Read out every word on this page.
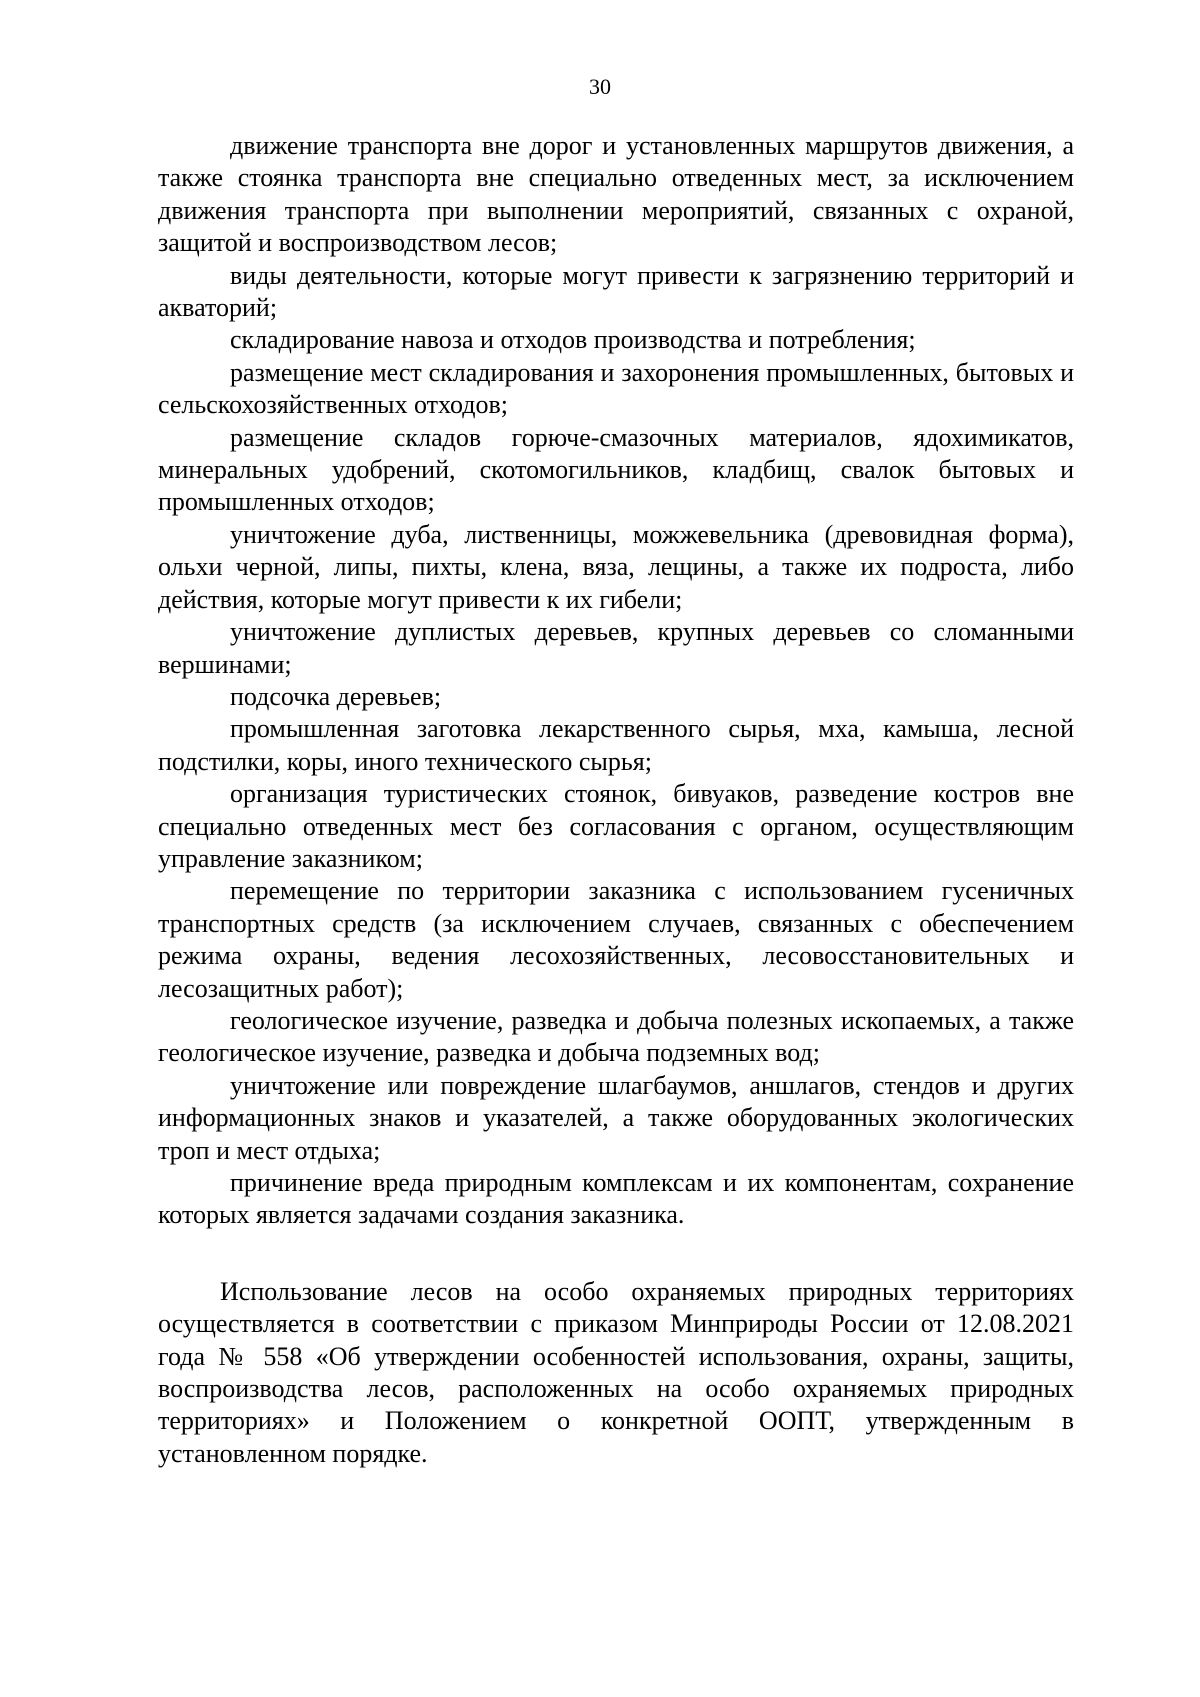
30

движение транспорта вне дорог и установленных маршрутов движения, а также стоянка транспорта вне специально отведенных мест, за исключением движения транспорта при выполнении мероприятий, связанных с охраной, защитой и воспроизводством лесов;

виды деятельности, которые могут привести к загрязнению территорий и акваторий;

складирование навоза и отходов производства и потребления;

размещение мест складирования и захоронения промышленных, бытовых и сельскохозяйственных отходов;

размещение складов горюче-смазочных материалов, ядохимикатов, минеральных удобрений, скотомогильников, кладбищ, свалок бытовых и промышленных отходов;

уничтожение дуба, лиственницы, можжевельника (древовидная форма), ольхи черной, липы, пихты, клена, вяза, лещины, а также их подроста, либо действия, которые могут привести к их гибели;

уничтожение дуплистых деревьев, крупных деревьев со сломанными вершинами;

подсочка деревьев;

промышленная заготовка лекарственного сырья, мха, камыша, лесной подстилки, коры, иного технического сырья;

организация туристических стоянок, бивуаков, разведение костров вне специально отведенных мест без согласования с органом, осуществляющим управление заказником;

перемещение по территории заказника с использованием гусеничных транспортных средств (за исключением случаев, связанных с обеспечением режима охраны, ведения лесохозяйственных, лесовосстановительных и лесозащитных работ);

геологическое изучение, разведка и добыча полезных ископаемых, а также геологическое изучение, разведка и добыча подземных вод;

уничтожение или повреждение шлагбаумов, аншлагов, стендов и других информационных знаков и указателей, а также оборудованных экологических троп и мест отдыха;

причинение вреда природным комплексам и их компонентам, сохранение которых является задачами создания заказника.

Использование лесов на особо охраняемых природных территориях осуществляется в соответствии с приказом Минприроды России от 12.08.2021 года № 558 «Об утверждении особенностей использования, охраны, защиты, воспроизводства лесов, расположенных на особо охраняемых природных территориях» и Положением о конкретной ООПТ, утвержденным в установленном порядке.
